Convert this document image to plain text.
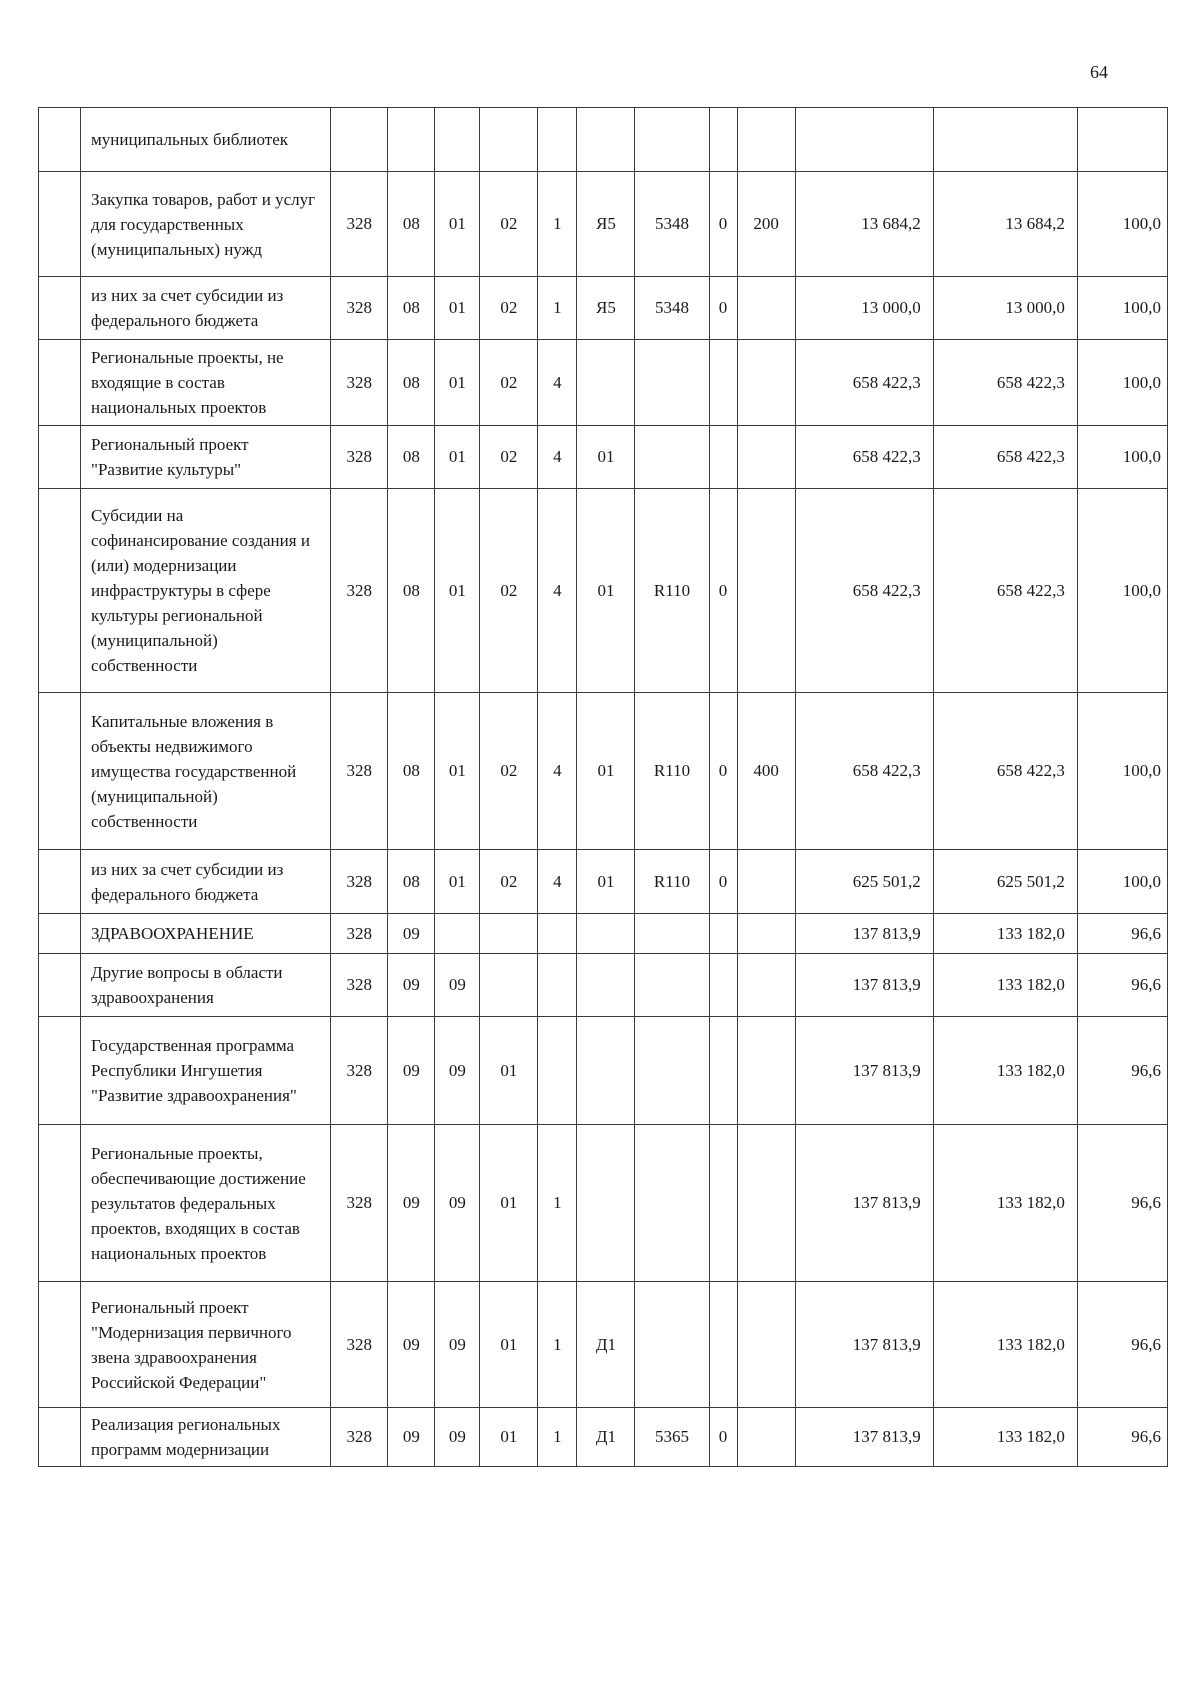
64
	муниципальных библиотек												
	Закупка товаров, работ и услуг для государственных (муниципальных) нужд	328	08	01	02	1	Я5	5348	0	200	13 684,2	13 684,2	100,0
	из них за счет субсидии из федерального бюджета	328	08	01	02	1	Я5	5348	0		13 000,0	13 000,0	100,0
	Региональные проекты, не входящие в состав национальных проектов	328	08	01	02	4					658 422,3	658 422,3	100,0
	Региональный проект "Развитие культуры"	328	08	01	02	4	01				658 422,3	658 422,3	100,0
	Субсидии на софинансирование создания и (или) модернизации инфраструктуры в сфере культуры региональной (муниципальной) собственности	328	08	01	02	4	01	R110	0		658 422,3	658 422,3	100,0
	Капитальные вложения в объекты недвижимого имущества государственной (муниципальной) собственности	328	08	01	02	4	01	R110	0	400	658 422,3	658 422,3	100,0
	из них за счет субсидии из федерального бюджета	328	08	01	02	4	01	R110	0		625 501,2	625 501,2	100,0
	ЗДРАВООХРАНЕНИЕ	328	09								137 813,9	133 182,0	96,6
	Другие вопросы в области здравоохранения	328	09	09							137 813,9	133 182,0	96,6
	Государственная программа Республики Ингушетия "Развитие здравоохранения"	328	09	09	01						137 813,9	133 182,0	96,6
	Региональные проекты, обеспечивающие достижение результатов федеральных проектов, входящих в состав национальных проектов	328	09	09	01	1					137 813,9	133 182,0	96,6
	Региональный проект "Модернизация первичного звена здравоохранения Российской Федерации"	328	09	09	01	1	Д1				137 813,9	133 182,0	96,6
	Реализация региональных программ модернизации	328	09	09	01	1	Д1	5365	0		137 813,9	133 182,0	96,6
